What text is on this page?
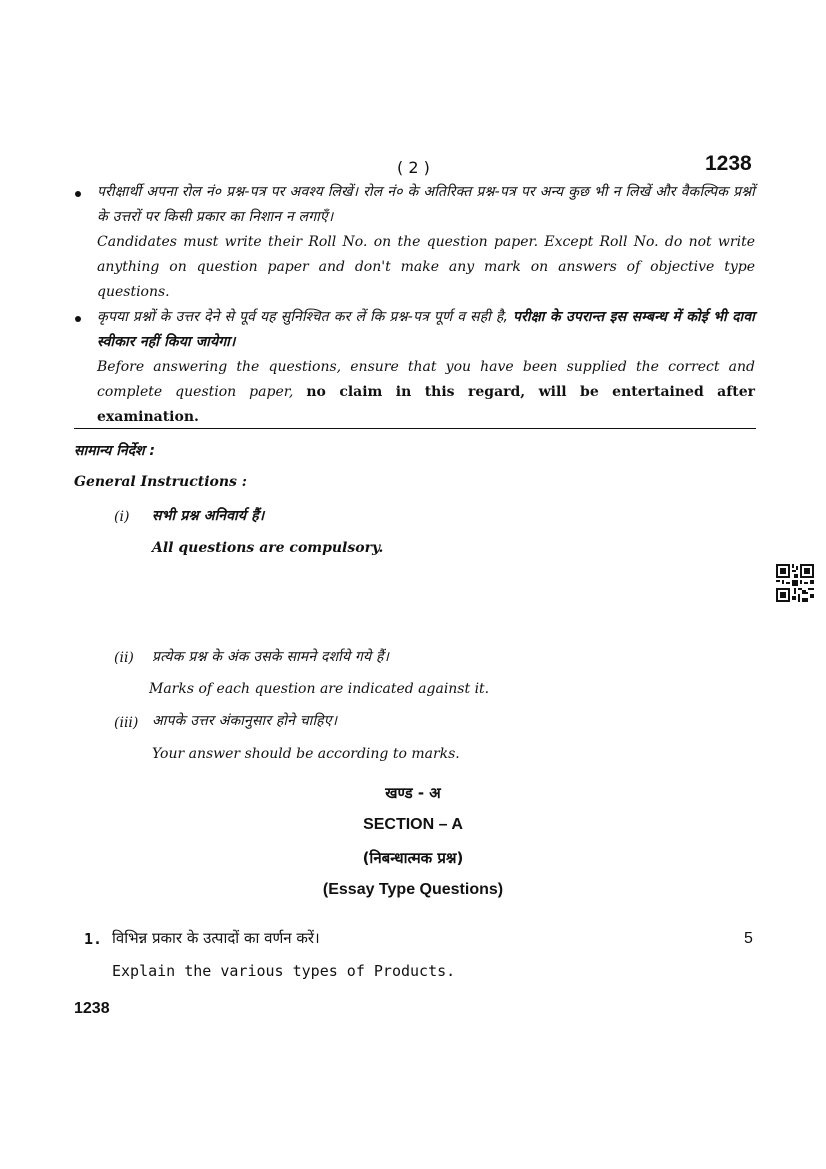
( 2 )	1238
परीक्षार्थी अपना रोल नं० प्रश्न-पत्र पर अवश्य लिखें। रोल नं० के अतिरिक्त प्रश्न-पत्र पर अन्य कुछ भी न लिखें और वैकल्पिक प्रश्नों के उत्तरों पर किसी प्रकार का निशान न लगाएँ।
Candidates must write their Roll No. on the question paper. Except Roll No. do not write anything on question paper and don't make any mark on answers of objective type questions.
कृपया प्रश्नों के उत्तर देने से पूर्व यह सुनिश्चित कर लें कि प्रश्न-पत्र पूर्ण व सही है, परीक्षा के उपरान्त इस सम्बन्ध में कोई भी दावा स्वीकार नहीं किया जायेगा।
Before answering the questions, ensure that you have been supplied the correct and complete question paper, no claim in this regard, will be entertained after examination.
सामान्य निर्देश :
General Instructions :
(i) सभी प्रश्न अनिवार्य हैं।
All questions are compulsory.
(ii) प्रत्येक प्रश्न के अंक उसके सामने दर्शाये गये हैं।
Marks of each question are indicated against it.
(iii) आपके उत्तर अंकानुसार होने चाहिए।
Your answer should be according to marks.
खण्ड - अ
SECTION – A
(निबन्धात्मक प्रश्न)
(Essay Type Questions)
1. विभिन्न प्रकार के उत्पादों का वर्णन करें।	5
Explain the various types of Products.
1238
